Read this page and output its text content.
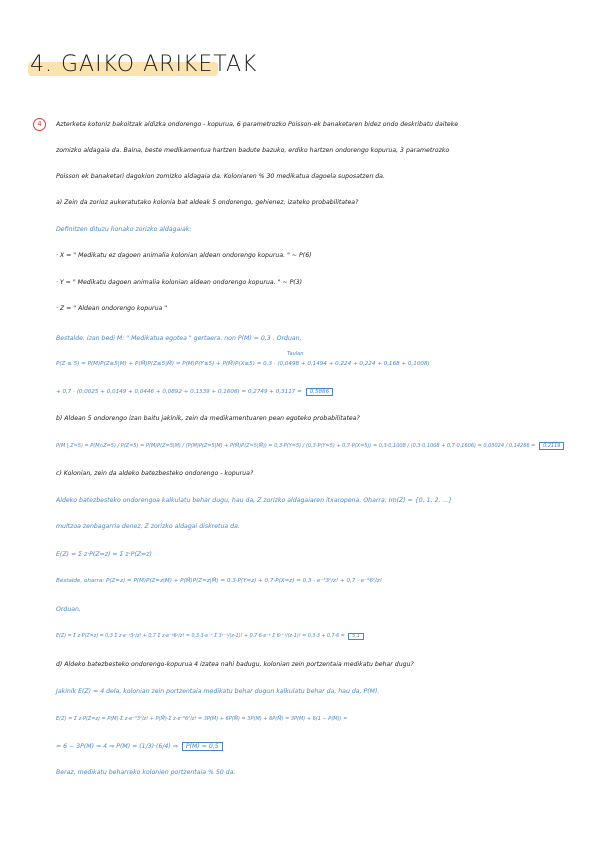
4. GAIKO ARIKETAK
4	Azterketa kotoniz bakoitzak aldizka ondorengo - kopurua, 6 parametrozko Poisson-ek banaketaren bidez ondo deskribatu daiteke
zomizko aldagaia da. Baina, beste medikamentua hartzen badute bazuko, erdiko hartzen ondorengo kopurua, 3 parametrozko
Poisson ek banaketari dagokion zomizko aldagaia da. Koloniaren % 30 medikatua dagoela suposatzen da.
a) Zein da zorioz aukeratutako kolonia bat aldeak 5 ondorengo, gehienez, izateko probabilitatea?
Definitzen dituzu honako zorizko aldagaiak:
· X = " Medikatu ez dagoen animalia kolonian aldean ondorengo kopurua. " ~ P(6)
· Y = " Medikatu dagoen animalia kolonian aldean ondorengo kopurua. " ~ P(3)
· Z = " Aldean ondorengo kopurua "
Bestalde, izan bedi M: " Medikatua egotea " gertaera. non P(M) = 0,3 . Orduan,
Taulan
P(Z ≤ 5) = P(M)P(Z≤5|M) + P(M̄)P(Z≤5|M̄) = P(M)P(Y≤5) + P(M̄)P(X≤5) = 0,3 · (0,0498 + 0,1494 + 0,224 + 0,224 + 0,168 + 0,1008)
+ 0,7 · (0,0025 + 0,0149 + 0,0446 + 0,0892 + 0,1339 + 0,1606) = 0,2749 + 0,3117 = 0,5866
b) Aldean 5 ondorengo izan baitu jakinik, zein da medikamentuaren pean egoteko probabilitatea?
P(M | Z=5) = P(M∩Z=5) / P(Z=5) = P(M)P(Z=5|M) / (P(M)P(Z=5|M) + P(M̄)P(Z=5|M̄)) = 0,3·P(Y=5) / (0,3·P(Y=5) + 0,7·P(X=5)) = 0,3·0,1008 / (0,3·0,1008 + 0,7·0,1606) = 0,03024 / 0,14266 = 0,2119
c) Kolonian, zein da aldeko batezbesteko ondorengo - kopurua?
Aldeko batezbesteko ondorengoa kalkulatu behar dugu, hau da, Z zorizko aldagaiaren itxaropena. Oharra: Im(Z) = {0, 1, 2, ...}
multzoa zenbagarria denez, Z zorizko aldagai diskretua da.
E(Z) = Σ z·P(Z=z) = Σ z·P(Z=z)
Bestalde, oharra: P(Z=z) = P(M)P(Z=z|M) + P(M̄)P(Z=z|M̄) = 0,3·P(Y=z) + 0,7·P(X=z) = 0,3 · e⁻³3ᶻ/z! + 0,7 · e⁻⁶6ᶻ/z!
Orduan,
E(Z) = Σ z·P(Z=z) = 0,3 Σ z·e⁻³3ᶻ/z! + 0,7 Σ z·e⁻⁶6ᶻ/z! = 0,3·3·e⁻³ Σ 3ᶻ⁻¹/(z-1)! + 0,7·6·e⁻⁶ Σ 6ᶻ⁻¹/(z-1)! = 0,3·3 + 0,7·6 = 5,1
d) Aldeko batezbesteko ondorengo-kopurua 4 izatea nahi badugu, kolonian zein portzentaia medikatu behar dugu?
Jakinik E(Z) = 4 dela, kolonian zein portzentaia medikatu behar dugun kalkulatu behar da, hau da, P(M).
E(Z) = Σ z·P(Z=z) = P(M)·Σ z·e⁻³3ᶻ/z! + P(M̄)·Σ z·e⁻⁶6ᶻ/z! = 3P(M) + 6P(M̄) = 3P(M) + 6P(M̄) = 3P(M) + 6(1 − P(M)) =
= 6 − 3P(M) = 4 ⇒ P(M) = (1/3)·(6/4) ⇒ P(M) = 0,5
Beraz, medikatu beharreko kolonien portzentaia % 50 da.
